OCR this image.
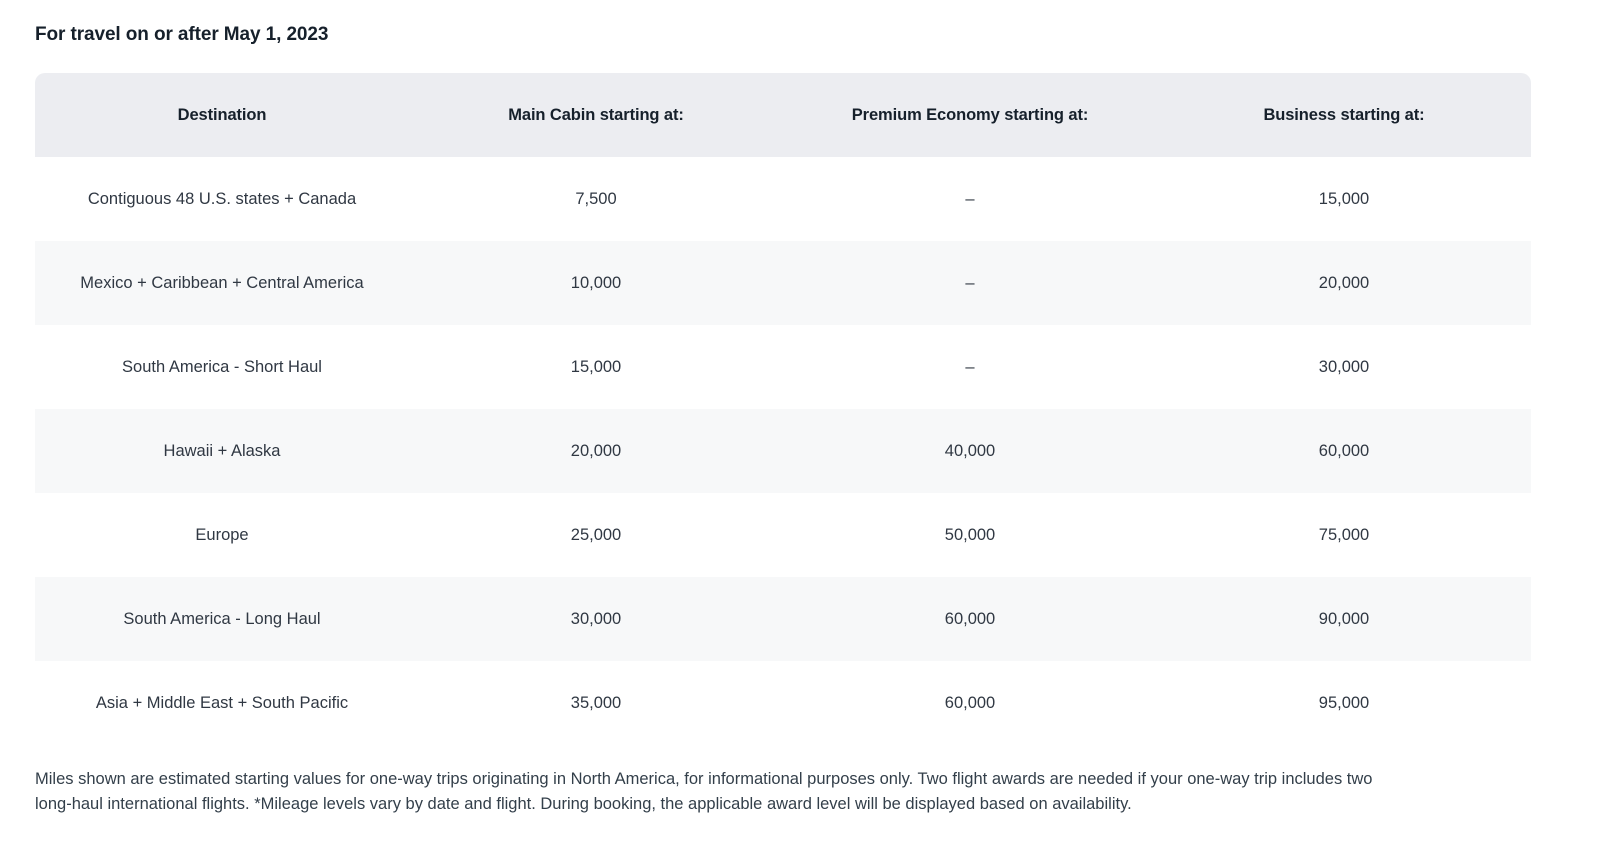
For travel on or after May 1, 2023
Destination	Main Cabin starting at:	Premium Economy starting at:	Business starting at:
Contiguous 48 U.S. states + Canada	7,500	–	15,000
Mexico + Caribbean + Central America	10,000	–	20,000
South America - Short Haul	15,000	–	30,000
Hawaii + Alaska	20,000	40,000	60,000
Europe	25,000	50,000	75,000
South America - Long Haul	30,000	60,000	90,000
Asia + Middle East + South Pacific	35,000	60,000	95,000
Miles shown are estimated starting values for one-way trips originating in North America, for informational purposes only. Two flight awards are needed if your one-way trip includes two
long-haul international flights. *Mileage levels vary by date and flight. During booking, the applicable award level will be displayed based on availability.
